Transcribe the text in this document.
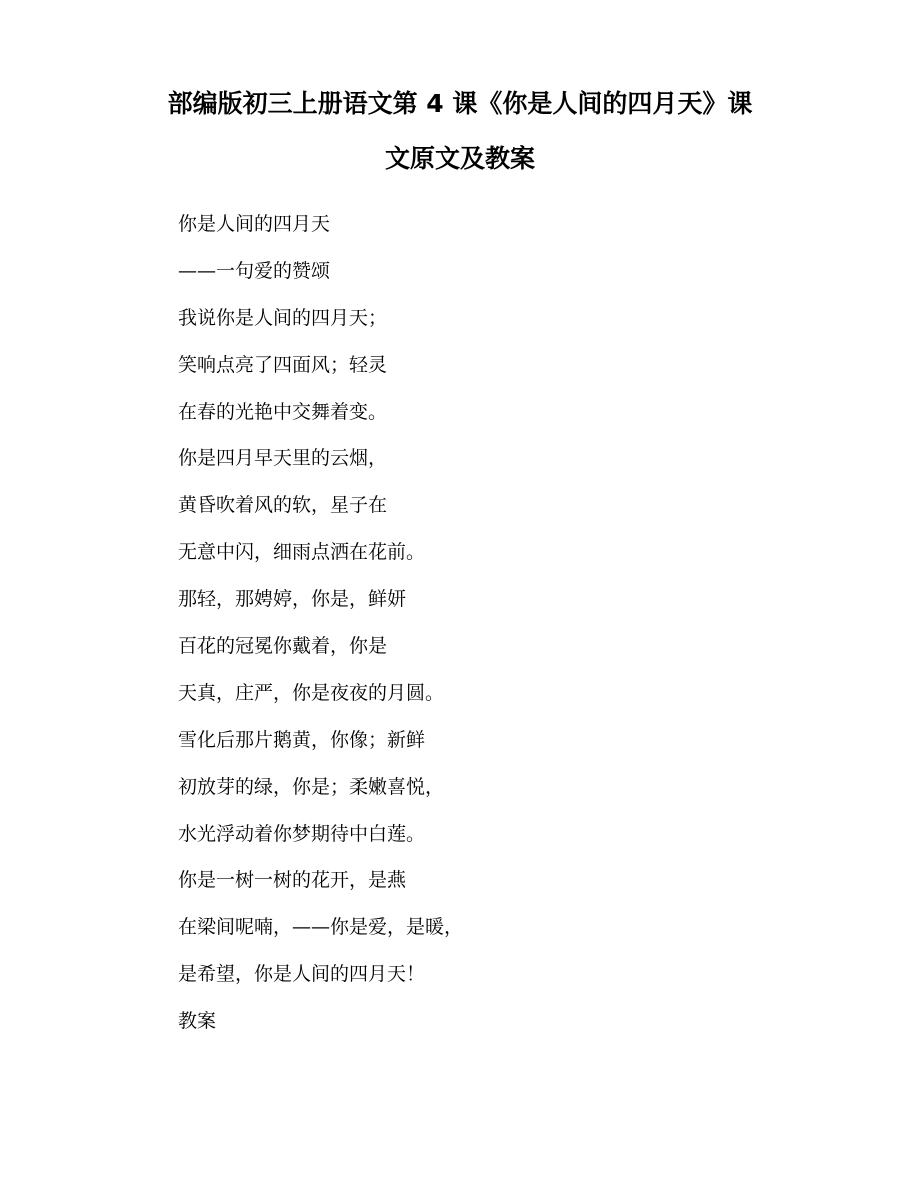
部编版初三上册语文第 4 课《你是人间的四月天》课
文原文及教案
你是人间的四月天
——一句爱的赞颂
我说你是人间的四月天；
笑响点亮了四面风；轻灵
在春的光艳中交舞着变。
你是四月早天里的云烟，
黄昏吹着风的软，星子在
无意中闪，细雨点洒在花前。
那轻，那娉婷，你是，鲜妍
百花的冠冕你戴着，你是
天真，庄严，你是夜夜的月圆。
雪化后那片鹅黄，你像；新鲜
初放芽的绿，你是；柔嫩喜悦，
水光浮动着你梦期待中白莲。
你是一树一树的花开，是燕
在梁间呢喃，——你是爱，是暖，
是希望，你是人间的四月天！
教案
